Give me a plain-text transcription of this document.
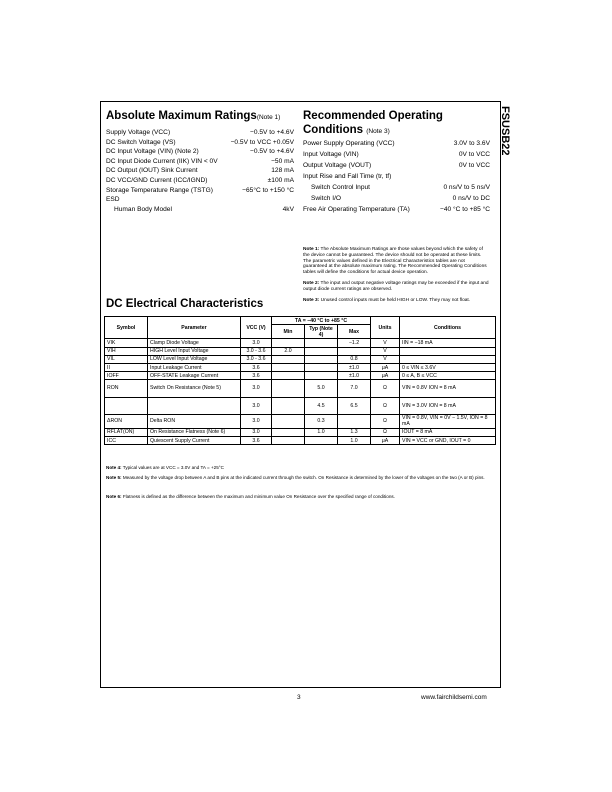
FSUSB22
Absolute Maximum Ratings(Note 1)
Supply Voltage (VCC)	−0.5V to +4.6V
DC Switch Voltage (VS)	−0.5V to VCC +0.05V
DC Input Voltage (VIN) (Note 2)	−0.5V to +4.6V
DC Input Diode Current (IIK) VIN < 0V	−50 mA
DC Output (IOUT) Sink Current	128 mA
DC VCC/GND Current (ICC/IGND)	±100 mA
Storage Temperature Range (TSTG)	−65°C to +150 °C
ESD
Human Body Model	4kV
Recommended Operating
Conditions (Note 3)
Power Supply Operating (VCC)	3.0V to 3.6V
Input Voltage (VIN)	0V to VCC
Output Voltage (VOUT)	0V to VCC
Input Rise and Fall Time (tr, tf)
Switch Control Input	0 ns/V to 5 ns/V
Switch I/O	0 ns/V to DC
Free Air Operating Temperature (TA)	−40 °C to +85 °C
Note 1: The Absolute Maximum Ratings are those values beyond which the safety of the device cannot be guaranteed. The device should not be operated at these limits. The parametric values defined in the Electrical Characteristics tables are not guaranteed at the absolute maximum rating. The Recommended Operating Conditions tables will define the conditions for actual device operation.
Note 2: The input and output negative voltage ratings may be exceeded if the input and output diode current ratings are observed.
Note 3: Unused control inputs must be held HIGH or LOW. They may not float.
DC Electrical Characteristics
Symbol	Parameter	VCC (V)	TA = −40 °C to +85 °C			Units	Conditions
			Min	Typ (Note 4)	Max		
VIK	Clamp Diode Voltage	3.0			−1.2	V	IIN = −18 mA
VIH	HIGH Level Input Voltage	3.0 - 3.6	2.0			V	
VIL	LOW Level Input Voltage	3.0 - 3.6			0.8	V	
II	Input Leakage Current	3.6			±1.0	μA	0 ≤ VIN ≤ 3.6V
IOFF	OFF-STATE Leakage Current	3.6			±1.0	μA	0 ≤ A, B ≤ VCC
RON	Switch On Resistance (Note 5)	3.0		5.0	7.0	Ω	VIN = 0.8V ION = 8 mA
		3.0		4.5	6.5	Ω	VIN = 3.0V ION = 8 mA
ΔRON	Delta RON	3.0		0.3		Ω	VIN = 0.8V, VIN = 0V − 1.5V, ION = 8 mA
RFLAT(ON)	On Resistance Flatness (Note 6)	3.0		1.0	1.3	Ω	IOUT = 8 mA
ICC	Quiescent Supply Current	3.6			1.0	μA	VIN = VCC or GND, IOUT = 0
Note 4: Typical values are at VCC = 3.0V and TA = +25°C
Note 5: Measured by the voltage drop between A and B pins at the indicated current through the switch. On Resistance is determined by the lower of the voltages on the two (A or B) pins.
Note 6: Flatness is defined as the difference between the maximum and minimum value On Resistance over the specified range of conditions.
3	www.fairchildsemi.com
